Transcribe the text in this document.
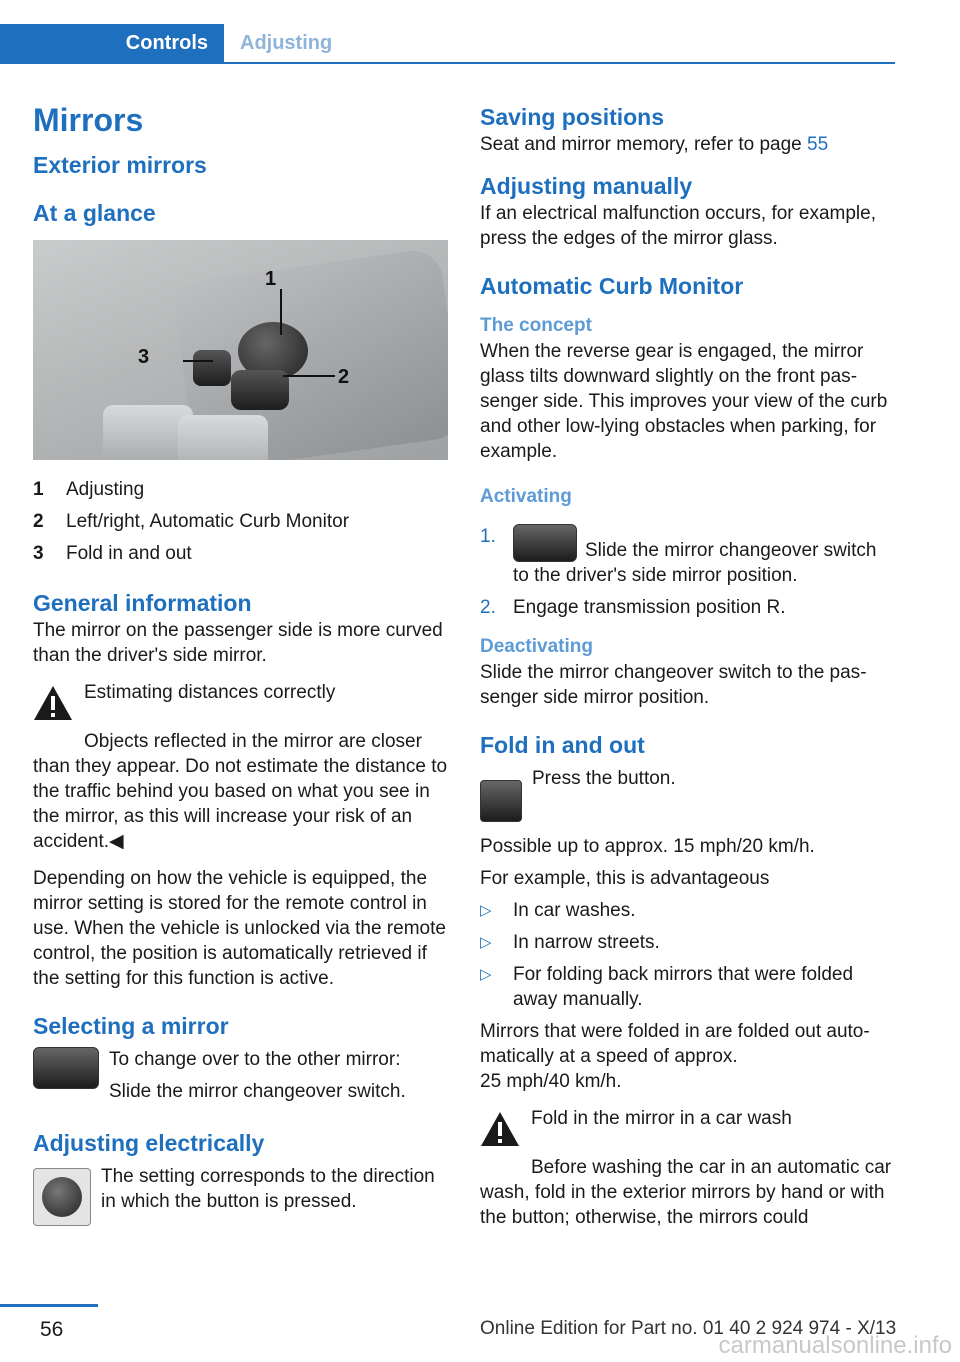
Controls Adjusting
Mirrors
Exterior mirrors
At a glance
1
2
3
1	Adjusting
2	Left/right, Automatic Curb Monitor
3	Fold in and out
General information

The mirror on the passenger side is more curved than the driver's side mirror.

Estimating distances correctly

Objects reflected in the mirror are closer than they appear. Do not estimate the distance to the traffic behind you based on what you see in the mirror, as this will increase your risk of an accident.◀

Depending on how the vehicle is equipped, the mirror setting is stored for the remote control in use. When the vehicle is unlocked via the remote control, the position is automatically retrieved if the setting for this function is active.

Selecting a mirror

To change over to the other mirror:

Slide the mirror changeover switch.

Adjusting electrically

The setting corresponds to the direction in which the button is pressed.

Saving positions

Seat and mirror memory, refer to page 55

Adjusting manually

If an electrical malfunction occurs, for example, press the edges of the mirror glass.

Automatic Curb Monitor
The concept

When the reverse gear is engaged, the mirror glass tilts downward slightly on the front passenger side. This improves your view of the curb and other low-lying obstacles when parking, for example.

Activating
1.
Slide the mirror changeover switch to the driver's side mirror position.
2. Engage transmission position R.
Deactivating

Slide the mirror changeover switch to the passenger side mirror position.

Fold in and out

Press the button.

Possible up to approx. 15 mph/20 km/h.

For example, this is advantageous

▷	In car washes.
▷	In narrow streets.
▷	For folding back mirrors that were folded away manually.

Mirrors that were folded in are folded out automatically at a speed of approx.

25 mph/40 km/h.

Fold in the mirror in a car wash

Before washing the car in an automatic car wash, fold in the exterior mirrors by hand or with the button; otherwise, the mirrors could

56	Online Edition for Part no. 01 40 2 924 974 - X/13
carmanualsonline.info
